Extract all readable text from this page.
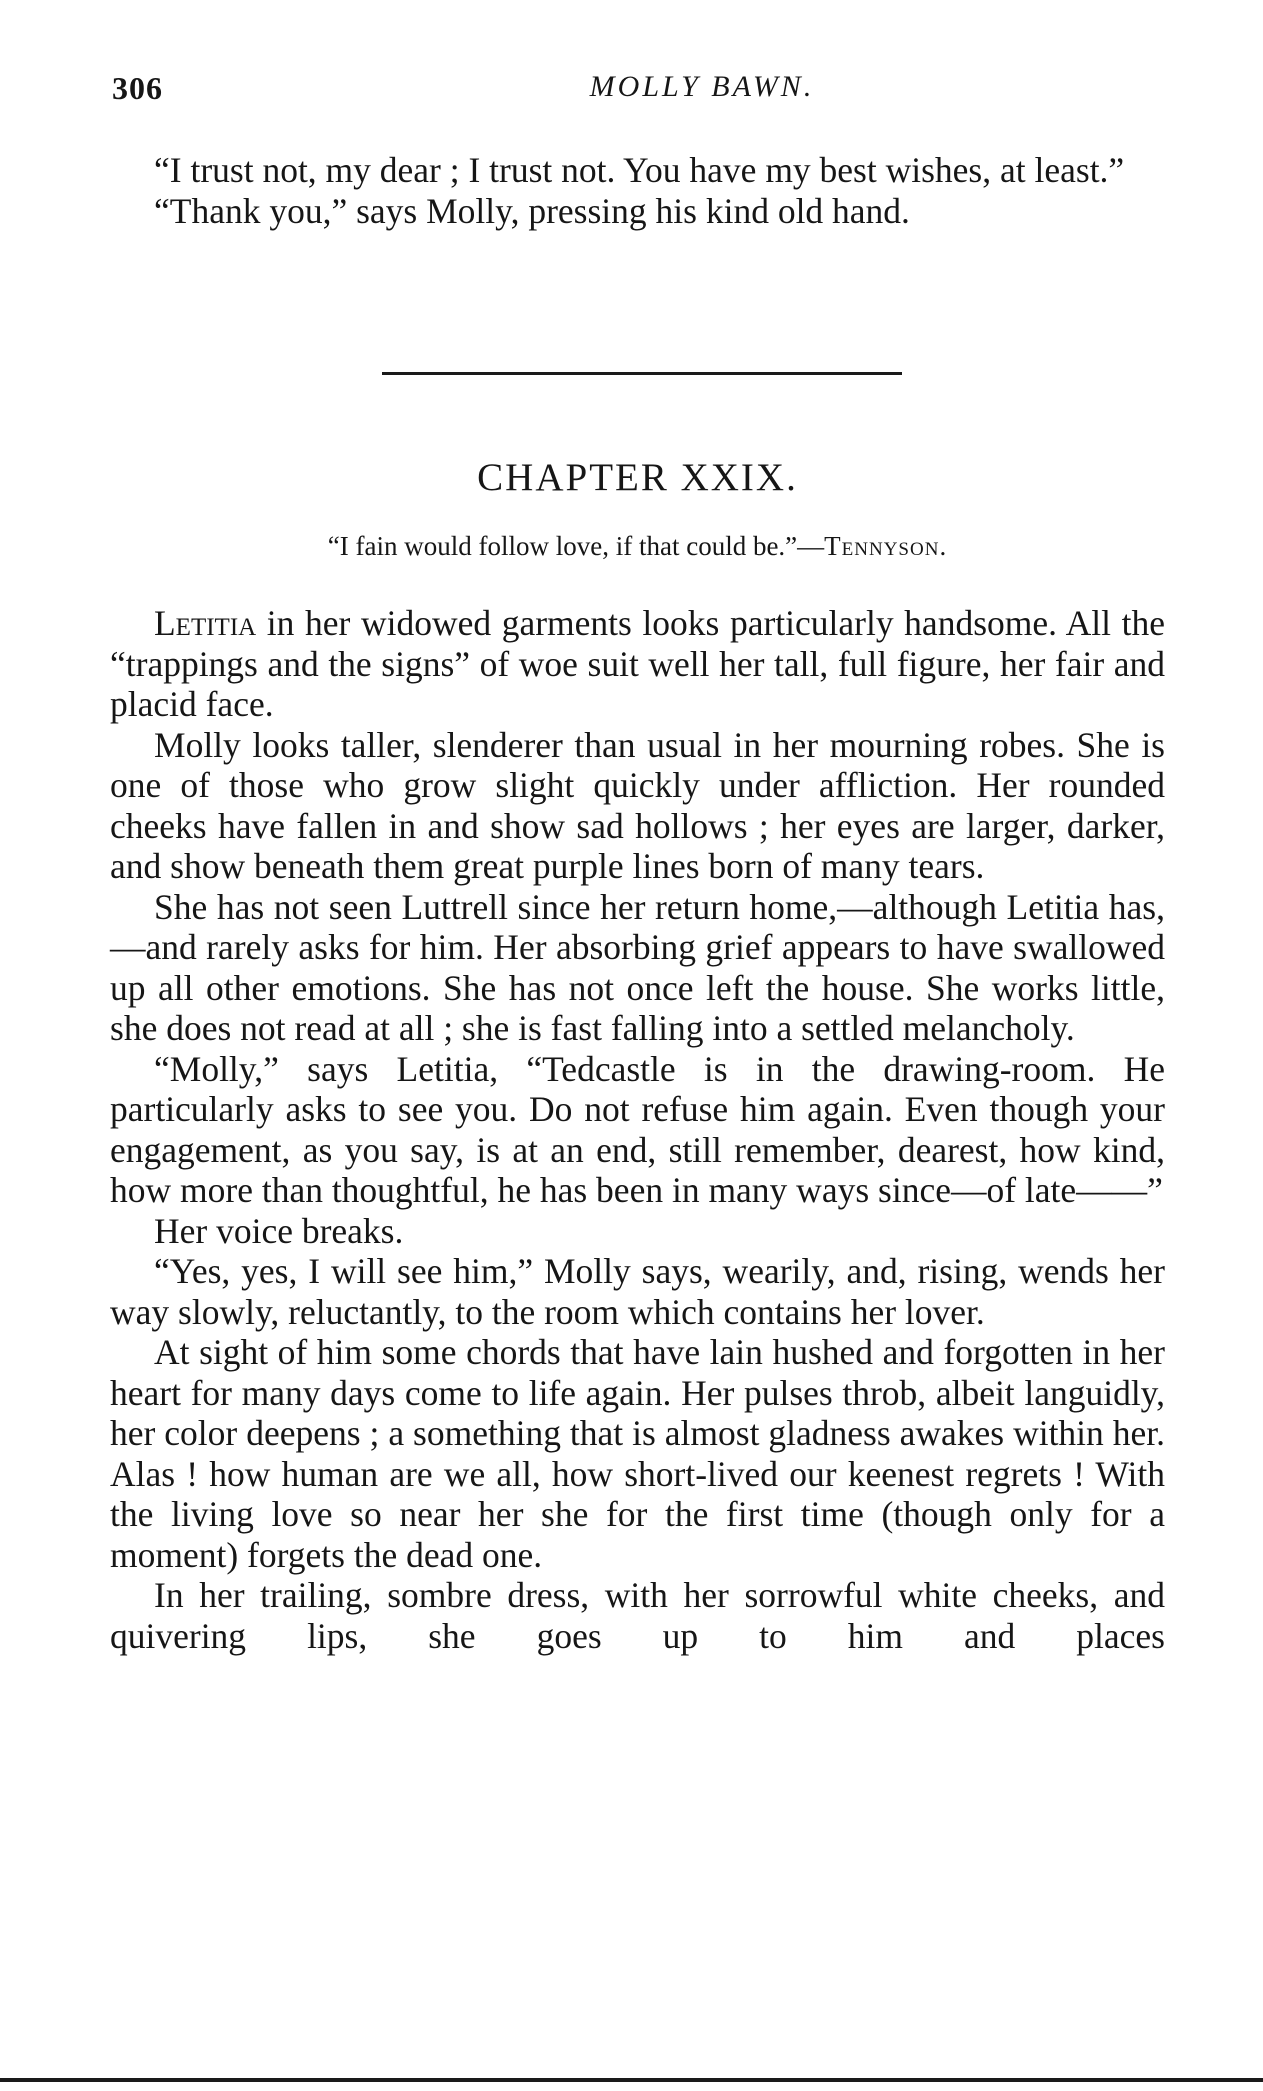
306	MOLLY BAWN.

“I trust not, my dear ; I trust not. You have my best wishes, at least.”

“Thank you,” says Molly, pressing his kind old hand.

CHAPTER XXIX.
“I fain would follow love, if that could be.”—Tennyson.

Letitia in her widowed garments looks particularly handsome. All the “trappings and the signs” of woe suit well her tall, full figure, her fair and placid face.

Molly looks taller, slenderer than usual in her mourning robes. She is one of those who grow slight quickly under affliction. Her rounded cheeks have fallen in and show sad hollows ; her eyes are larger, darker, and show beneath them great purple lines born of many tears.

She has not seen Luttrell since her return home,—although Letitia has,—and rarely asks for him. Her absorbing grief appears to have swallowed up all other emotions. She has not once left the house. She works little, she does not read at all ; she is fast falling into a settled melancholy.

“Molly,” says Letitia, “Tedcastle is in the drawing-room. He particularly asks to see you. Do not refuse him again. Even though your engagement, as you say, is at an end, still remember, dearest, how kind, how more than thoughtful, he has been in many ways since—of late——”

Her voice breaks.

“Yes, yes, I will see him,” Molly says, wearily, and, rising, wends her way slowly, reluctantly, to the room which contains her lover.

At sight of him some chords that have lain hushed and forgotten in her heart for many days come to life again. Her pulses throb, albeit languidly, her color deepens ; a something that is almost gladness awakes within her. Alas ! how human are we all, how short-lived our keenest regrets ! With the living love so near her she for the first time (though only for a moment) forgets the dead one.

In her trailing, sombre dress, with her sorrowful white cheeks, and quivering lips, she goes up to him and places
